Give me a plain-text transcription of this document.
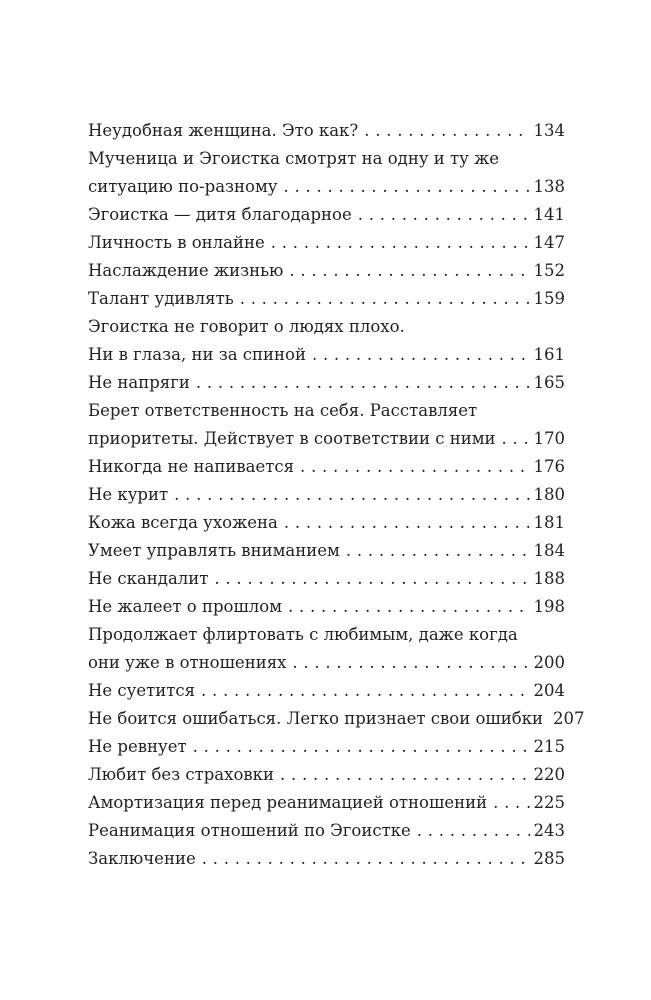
Неудобная женщина. Это как? . . .	134
Мученица и Эгоистка смотрят на одну и ту же
ситуацию по-разному . . .	138
Эгоистка — дитя благодарное . . .	141
Личность в онлайне . . .	147
Наслаждение жизнью . . .	152
Талант удивлять . . .	159
Эгоистка не говорит о людях плохо.
Ни в глаза, ни за спиной . . .	161
Не напряги . . .	165
Берет ответственность на себя. Расставляет
приоритеты. Действует в соответствии с ними . . . 170
Никогда не напивается . . .	176
Не курит . . .	180
Кожа всегда ухожена . . .	181
Умеет управлять вниманием . . .	184
Не скандалит . . .	188
Не жалеет о прошлом . . .	198
Продолжает флиртовать с любимым, даже когда
они уже в отношениях . . .	200
Не суетится . . .	204
Не боится ошибаться. Легко признает свои ошибки . . . 207
Не ревнует . . .	215
Любит без страховки . . .	220
Амортизация перед реанимацией отношений . . .	225
Реанимация отношений по Эгоистке . . .	243
Заключение . . .	285
